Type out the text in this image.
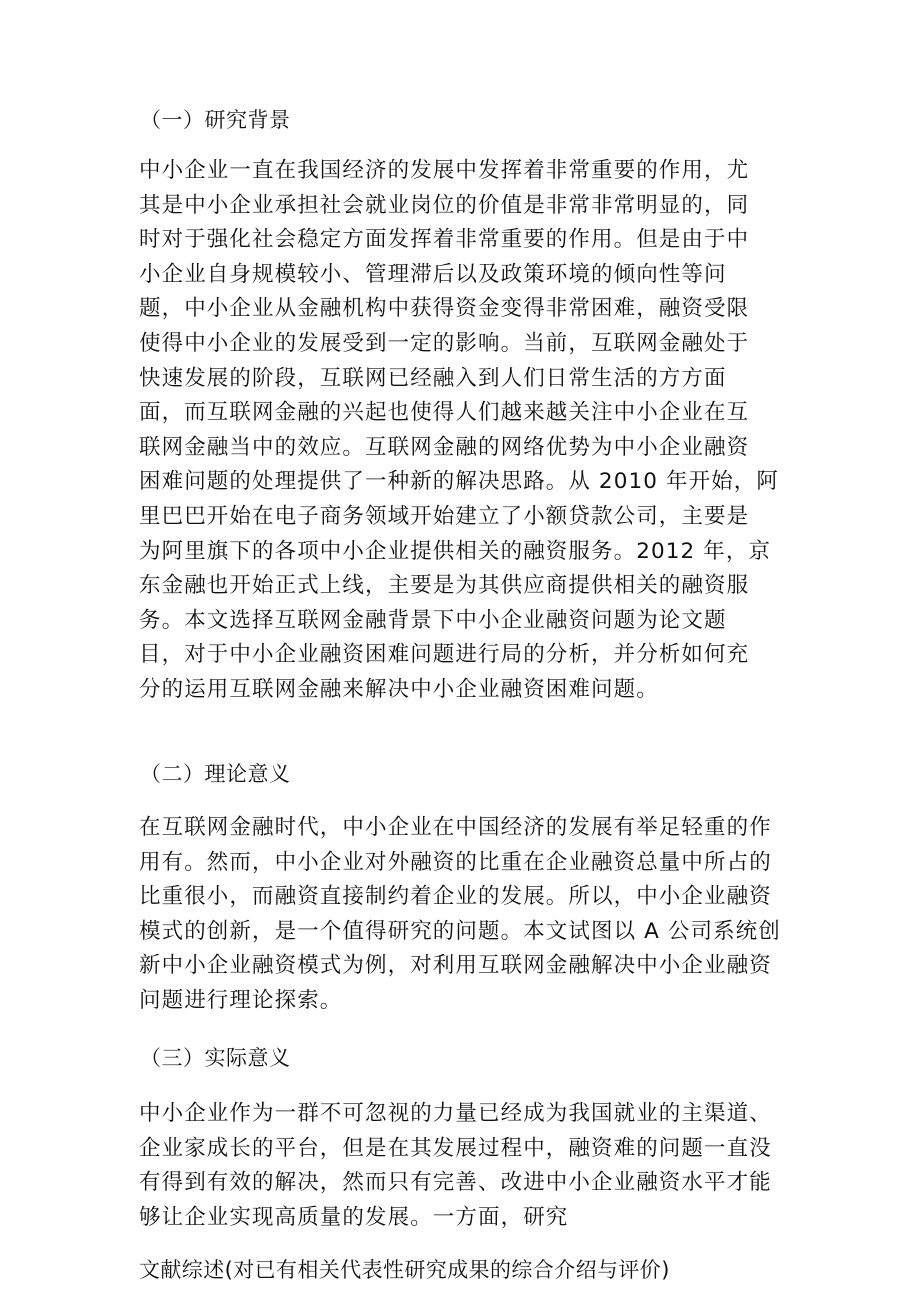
（一）研究背景
中小企业一直在我国经济的发展中发挥着非常重要的作用，尤
其是中小企业承担社会就业岗位的价值是非常非常明显的，同
时对于强化社会稳定方面发挥着非常重要的作用。但是由于中
小企业自身规模较小、管理滞后以及政策环境的倾向性等问
题，中小企业从金融机构中获得资金变得非常困难，融资受限
使得中小企业的发展受到一定的影响。当前，互联网金融处于
快速发展的阶段，互联网已经融入到人们日常生活的方方面
面，而互联网金融的兴起也使得人们越来越关注中小企业在互
联网金融当中的效应。互联网金融的网络优势为中小企业融资
困难问题的处理提供了一种新的解决思路。从 2010 年开始，阿
里巴巴开始在电子商务领域开始建立了小额贷款公司，主要是
为阿里旗下的各项中小企业提供相关的融资服务。2012 年，京
东金融也开始正式上线，主要是为其供应商提供相关的融资服
务。本文选择互联网金融背景下中小企业融资问题为论文题
目，对于中小企业融资困难问题进行局的分析，并分析如何充
分的运用互联网金融来解决中小企业融资困难问题。
（二）理论意义
在互联网金融时代，中小企业在中国经济的发展有举足轻重的作
用有。然而，中小企业对外融资的比重在企业融资总量中所占的
比重很小，而融资直接制约着企业的发展。所以，中小企业融资
模式的创新，是一个值得研究的问题。本文试图以 A 公司系统创
新中小企业融资模式为例，对利用互联网金融解决中小企业融资
问题进行理论探索。
（三）实际意义
中小企业作为一群不可忽视的力量已经成为我国就业的主渠道、
企业家成长的平台，但是在其发展过程中，融资难的问题一直没
有得到有效的解决，然而只有完善、改进中小企业融资水平才能
够让企业实现高质量的发展。一方面，研究
文献综述(对已有相关代表性研究成果的综合介绍与评价)
